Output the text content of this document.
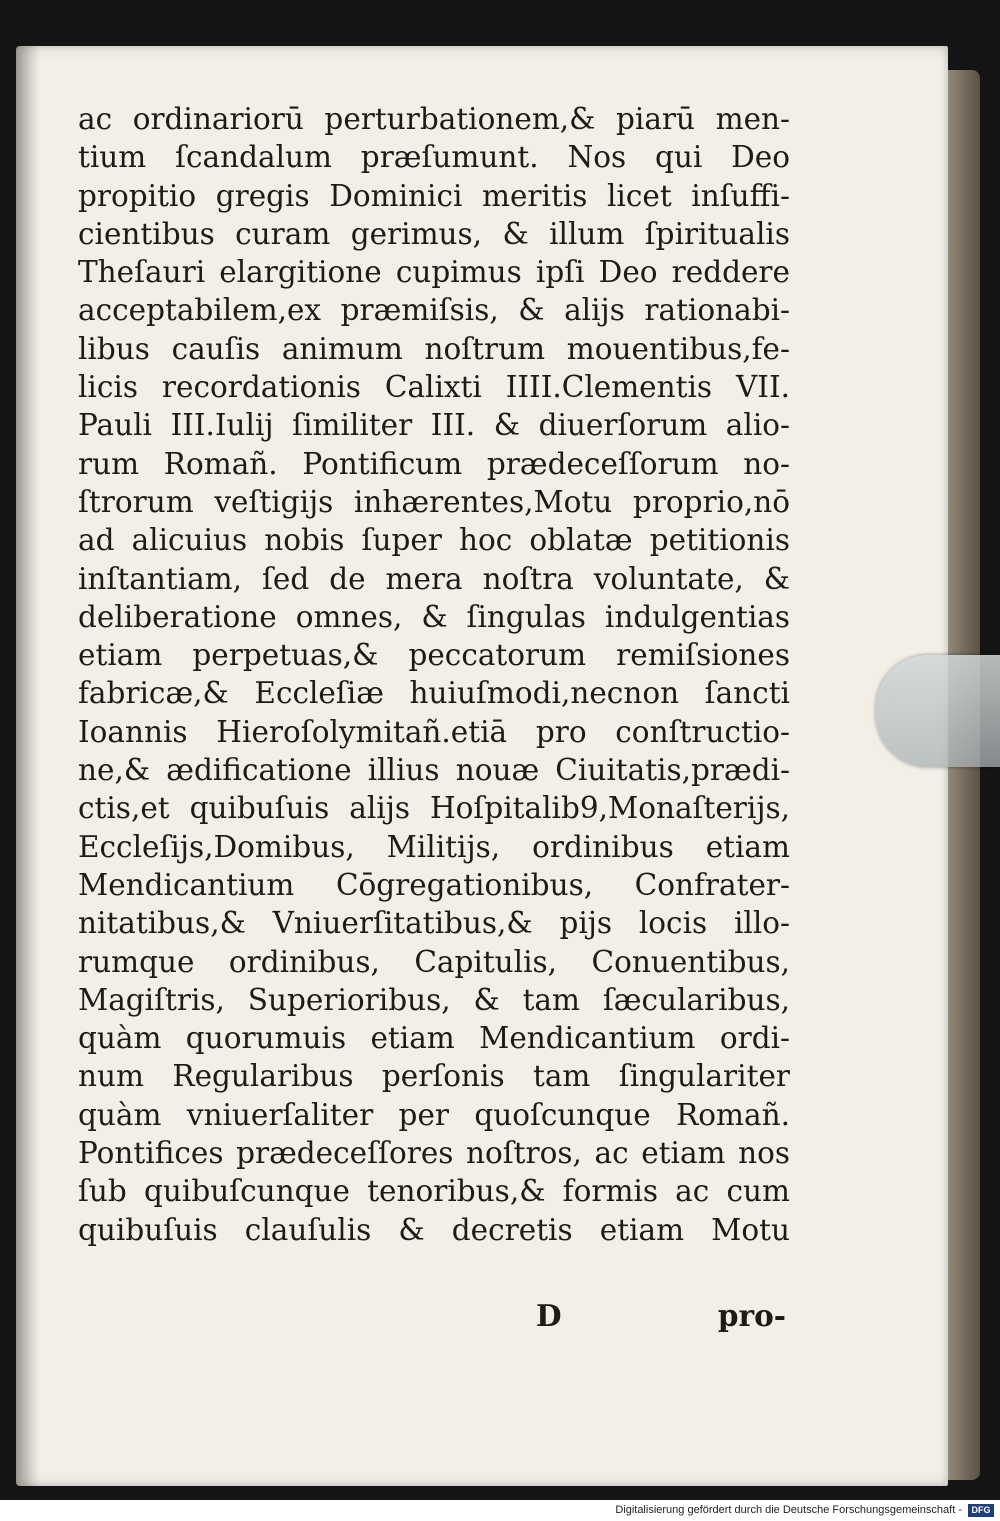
ac ordinariorū perturbationem,& piarū men-
tium ſcandalum præſumunt. Nos qui Deo
propitio gregis Dominici meritis licet inſuffi-
cientibus curam gerimus, & illum ſpiritualis
Theſauri elargitione cupimus ipſi Deo reddere
acceptabilem,ex præmiſsis, & alijs rationabi-
libus cauſis animum noſtrum mouentibus,fe-
licis recordationis Calixti IIII.Clementis VII.
Pauli III.Iulij ſimiliter III. & diuerſorum alio-
rum Romañ. Pontificum prædeceſſorum no-
ſtrorum veſtigijs inhærentes,Motu proprio,nō
ad alicuius nobis ſuper hoc oblatæ petitionis
inſtantiam, ſed de mera noſtra voluntate, &
deliberatione omnes, & ſingulas indulgentias
etiam perpetuas,& peccatorum remiſsiones
fabricæ,& Eccleſiæ huiuſmodi,necnon ſancti
Ioannis Hieroſolymitañ.etiā pro conſtructio-
ne,& ædificatione illius nouæ Ciuitatis,prædi-
ctis,et quibuſuis alijs Hoſpitalib9,Monaſterijs,
Eccleſijs,Domibus, Militijs, ordinibus etiam
Mendicantium Cōgregationibus, Confrater-
nitatibus,& Vniuerſitatibus,& pijs locis illo-
rumque ordinibus, Capitulis, Conuentibus,
Magiſtris, Superioribus, & tam ſæcularibus,
quàm quorumuis etiam Mendicantium ordi-
num Regularibus perſonis tam ſingulariter
quàm vniuerſaliter per quoſcunque Romañ.
Pontifices prædeceſſores noſtros, ac etiam nos
ſub quibuſcunque tenoribus,& formis ac cum
quibuſuis clauſulis & decretis etiam Motu
D	pro-
Digitalisierung gefördert durch die Deutsche Forschungsgemeinschaft -	DFG
